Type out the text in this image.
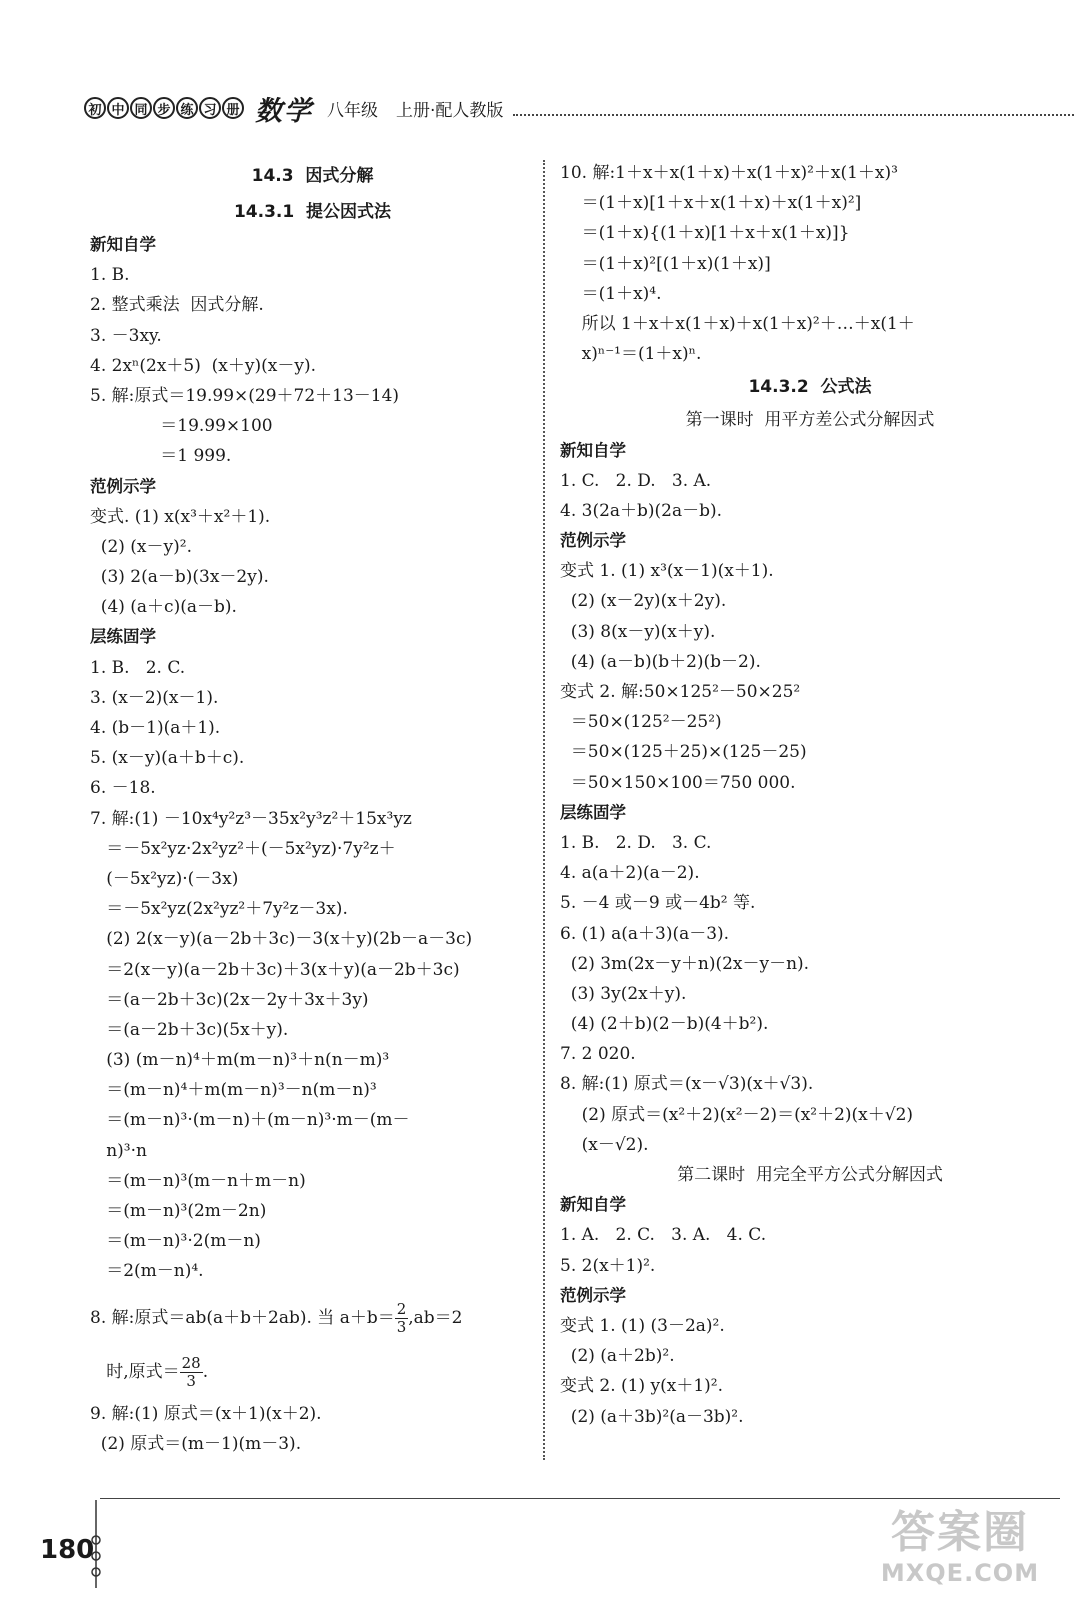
初 中 同 步 练 习 册 数学 八年级 上册·配人教版
14.3  因式分解
14.3.1  提公因式法
新知自学
1. B.
2. 整式乘法  因式分解.
3. －3xy.
4. 2xⁿ(2x＋5)  (x＋y)(x－y).
5. 解:原式＝19.99×(29＋72＋13－14)
＝19.99×100
＝1 999.
范例示学
变式. (1) x(x³＋x²＋1).
(2) (x－y)².
(3) 2(a－b)(3x－2y).
(4) (a＋c)(a－b).
层练固学
1. B.   2. C.
3. (x－2)(x－1).
4. (b－1)(a＋1).
5. (x－y)(a＋b＋c).
6. －18.
7. 解:(1) －10x⁴y²z³－35x²y³z²＋15x³yz
＝－5x²yz·2x²yz²＋(－5x²yz)·7y²z＋
(－5x²yz)·(－3x)
＝－5x²yz(2x²yz²＋7y²z－3x).
(2) 2(x－y)(a－2b＋3c)－3(x＋y)(2b－a－3c)
＝2(x－y)(a－2b＋3c)＋3(x＋y)(a－2b＋3c)
＝(a－2b＋3c)(2x－2y＋3x＋3y)
＝(a－2b＋3c)(5x＋y).
(3) (m－n)⁴＋m(m－n)³＋n(n－m)³
＝(m－n)⁴＋m(m－n)³－n(m－n)³
＝(m－n)³·(m－n)＋(m－n)³·m－(m－
n)³·n
＝(m－n)³(m－n＋m－n)
＝(m－n)³(2m－2n)
＝(m－n)³·2(m－n)
＝2(m－n)⁴.
8. 解:原式＝ab(a＋b＋2ab). 当 $a+b= \frac{2}{3} ,ab=2$
时,原式＝ $\frac{28}{3}$ .
9. 解:(1) 原式＝(x＋1)(x＋2).
(2) 原式＝(m－1)(m－3).
10. 解:1＋x＋x(1＋x)＋x(1＋x)²＋x(1＋x)³
＝(1＋x)[1＋x＋x(1＋x)＋x(1＋x)²]
＝(1＋x){(1＋x)[1＋x＋x(1＋x)]}
＝(1＋x)²[(1＋x)(1＋x)]
＝(1＋x)⁴.
所以 1＋x＋x(1＋x)＋x(1＋x)²＋…＋x(1＋
x)ⁿ⁻¹＝(1＋x)ⁿ.
14.3.2  公式法
第一课时  用平方差公式分解因式
新知自学
1. C.   2. D.   3. A.
4. 3(2a＋b)(2a－b).
范例示学
变式 1. (1) x³(x－1)(x＋1).
(2) (x－2y)(x＋2y).
(3) 8(x－y)(x＋y).
(4) (a－b)(b＋2)(b－2).
变式 2. 解:50×125²－50×25²
＝50×(125²－25²)
＝50×(125＋25)×(125－25)
＝50×150×100＝750 000.
层练固学
1. B.   2. D.   3. C.
4. a(a＋2)(a－2).
5. －4 或－9 或－4b² 等.
6. (1) a(a＋3)(a－3).
(2) 3m(2x－y＋n)(2x－y－n).
(3) 3y(2x＋y).
(4) (2＋b)(2－b)(4＋b²).
7. 2 020.
8. 解:(1) 原式＝(x－√3)(x＋√3).
(2) 原式＝(x²＋2)(x²－2)＝(x²＋2)(x＋√2)
(x－√2).
第二课时  用完全平方公式分解因式
新知自学
1. A.   2. C.   3. A.   4. C.
5. 2(x＋1)².
范例示学
变式 1. (1) (3－2a)².
(2) (a＋2b)².
变式 2. (1) y(x＋1)².
(2) (a＋3b)²(a－3b)².
180	答案圈
MXQE.COM
